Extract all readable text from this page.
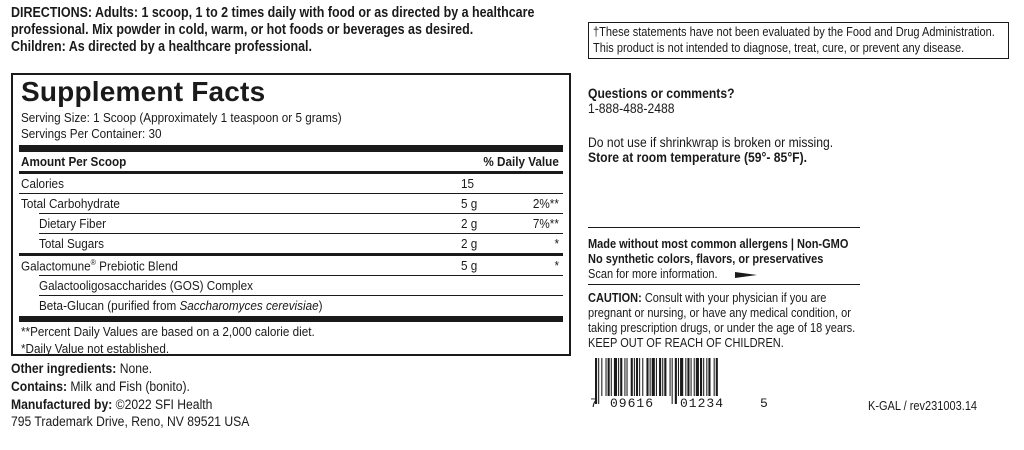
DIRECTIONS: Adults: 1 scoop, 1 to 2 times daily with food or as directed by a healthcare
professional. Mix powder in cold, warm, or hot foods or beverages as desired.
Children: As directed by a healthcare professional.
Supplement Facts
Serving Size: 1 Scoop (Approximately 1 teaspoon or 5 grams)
Servings Per Container: 30
Amount Per Scoop	% Daily Value
Calories	15
Total Carbohydrate	5 g	2%**
Dietary Fiber	2 g	7%**
Total Sugars	2 g	*
Galactomune® Prebiotic Blend	5 g	*
Galactooligosaccharides (GOS) Complex
Beta-Glucan (purified from Saccharomyces cerevisiae)
**Percent Daily Values are based on a 2,000 calorie diet.
*Daily Value not established.
Other ingredients: None.
Contains: Milk and Fish (bonito).
Manufactured by: ©2022 SFI Health
795 Trademark Drive, Reno, NV 89521 USA
†These statements have not been evaluated by the Food and Drug Administration.
This product is not intended to diagnose, treat, cure, or prevent any disease.
Questions or comments?
1-888-488-2488
Do not use if shrinkwrap is broken or missing.
Store at room temperature (59°- 85°F).
Made without most common allergens | Non-GMO
No synthetic colors, flavors, or preservatives
Scan for more information.
CAUTION: Consult with your physician if you are
pregnant or nursing, or have any medical condition, or
taking prescription drugs, or under the age of 18 years.
KEEP OUT OF REACH OF CHILDREN.
7 09616 01234	5	K-GAL / rev231003.14
